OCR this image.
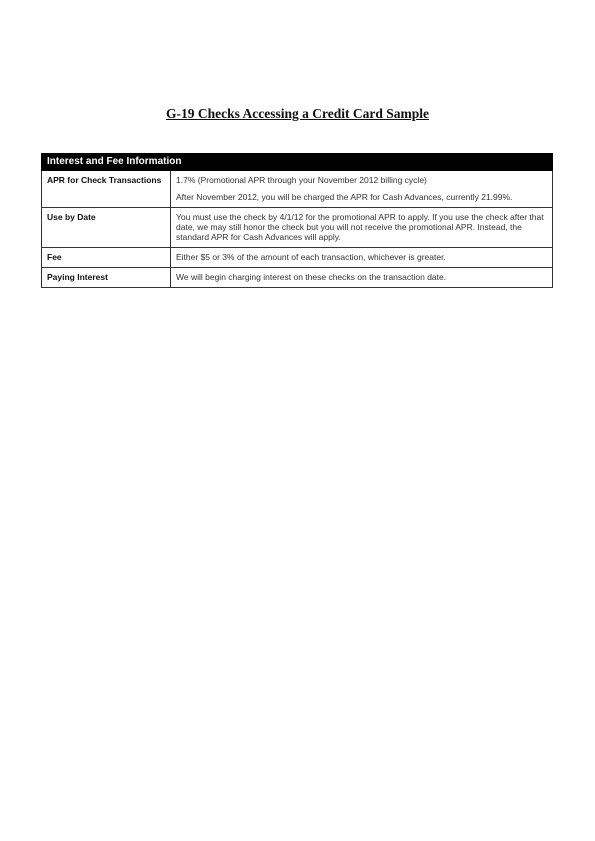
G-19 Checks Accessing a Credit Card Sample
Interest and Fee Information	
APR for Check Transactions	1.7% (Promotional APR through your November 2012 billing cycle)

After November 2012, you will be charged the APR for Cash Advances, currently 21.99%.

Use by Date	You must use the check by 4/1/12 for the promotional APR to apply. If you use the check after that date, we may still honor the check but you will not receive the promotional APR. Instead, the standard APR for Cash Advances will apply.

Fee	Either $5 or 3% of the amount of each transaction, whichever is greater.

Paying Interest	We will begin charging interest on these checks on the transaction date.
